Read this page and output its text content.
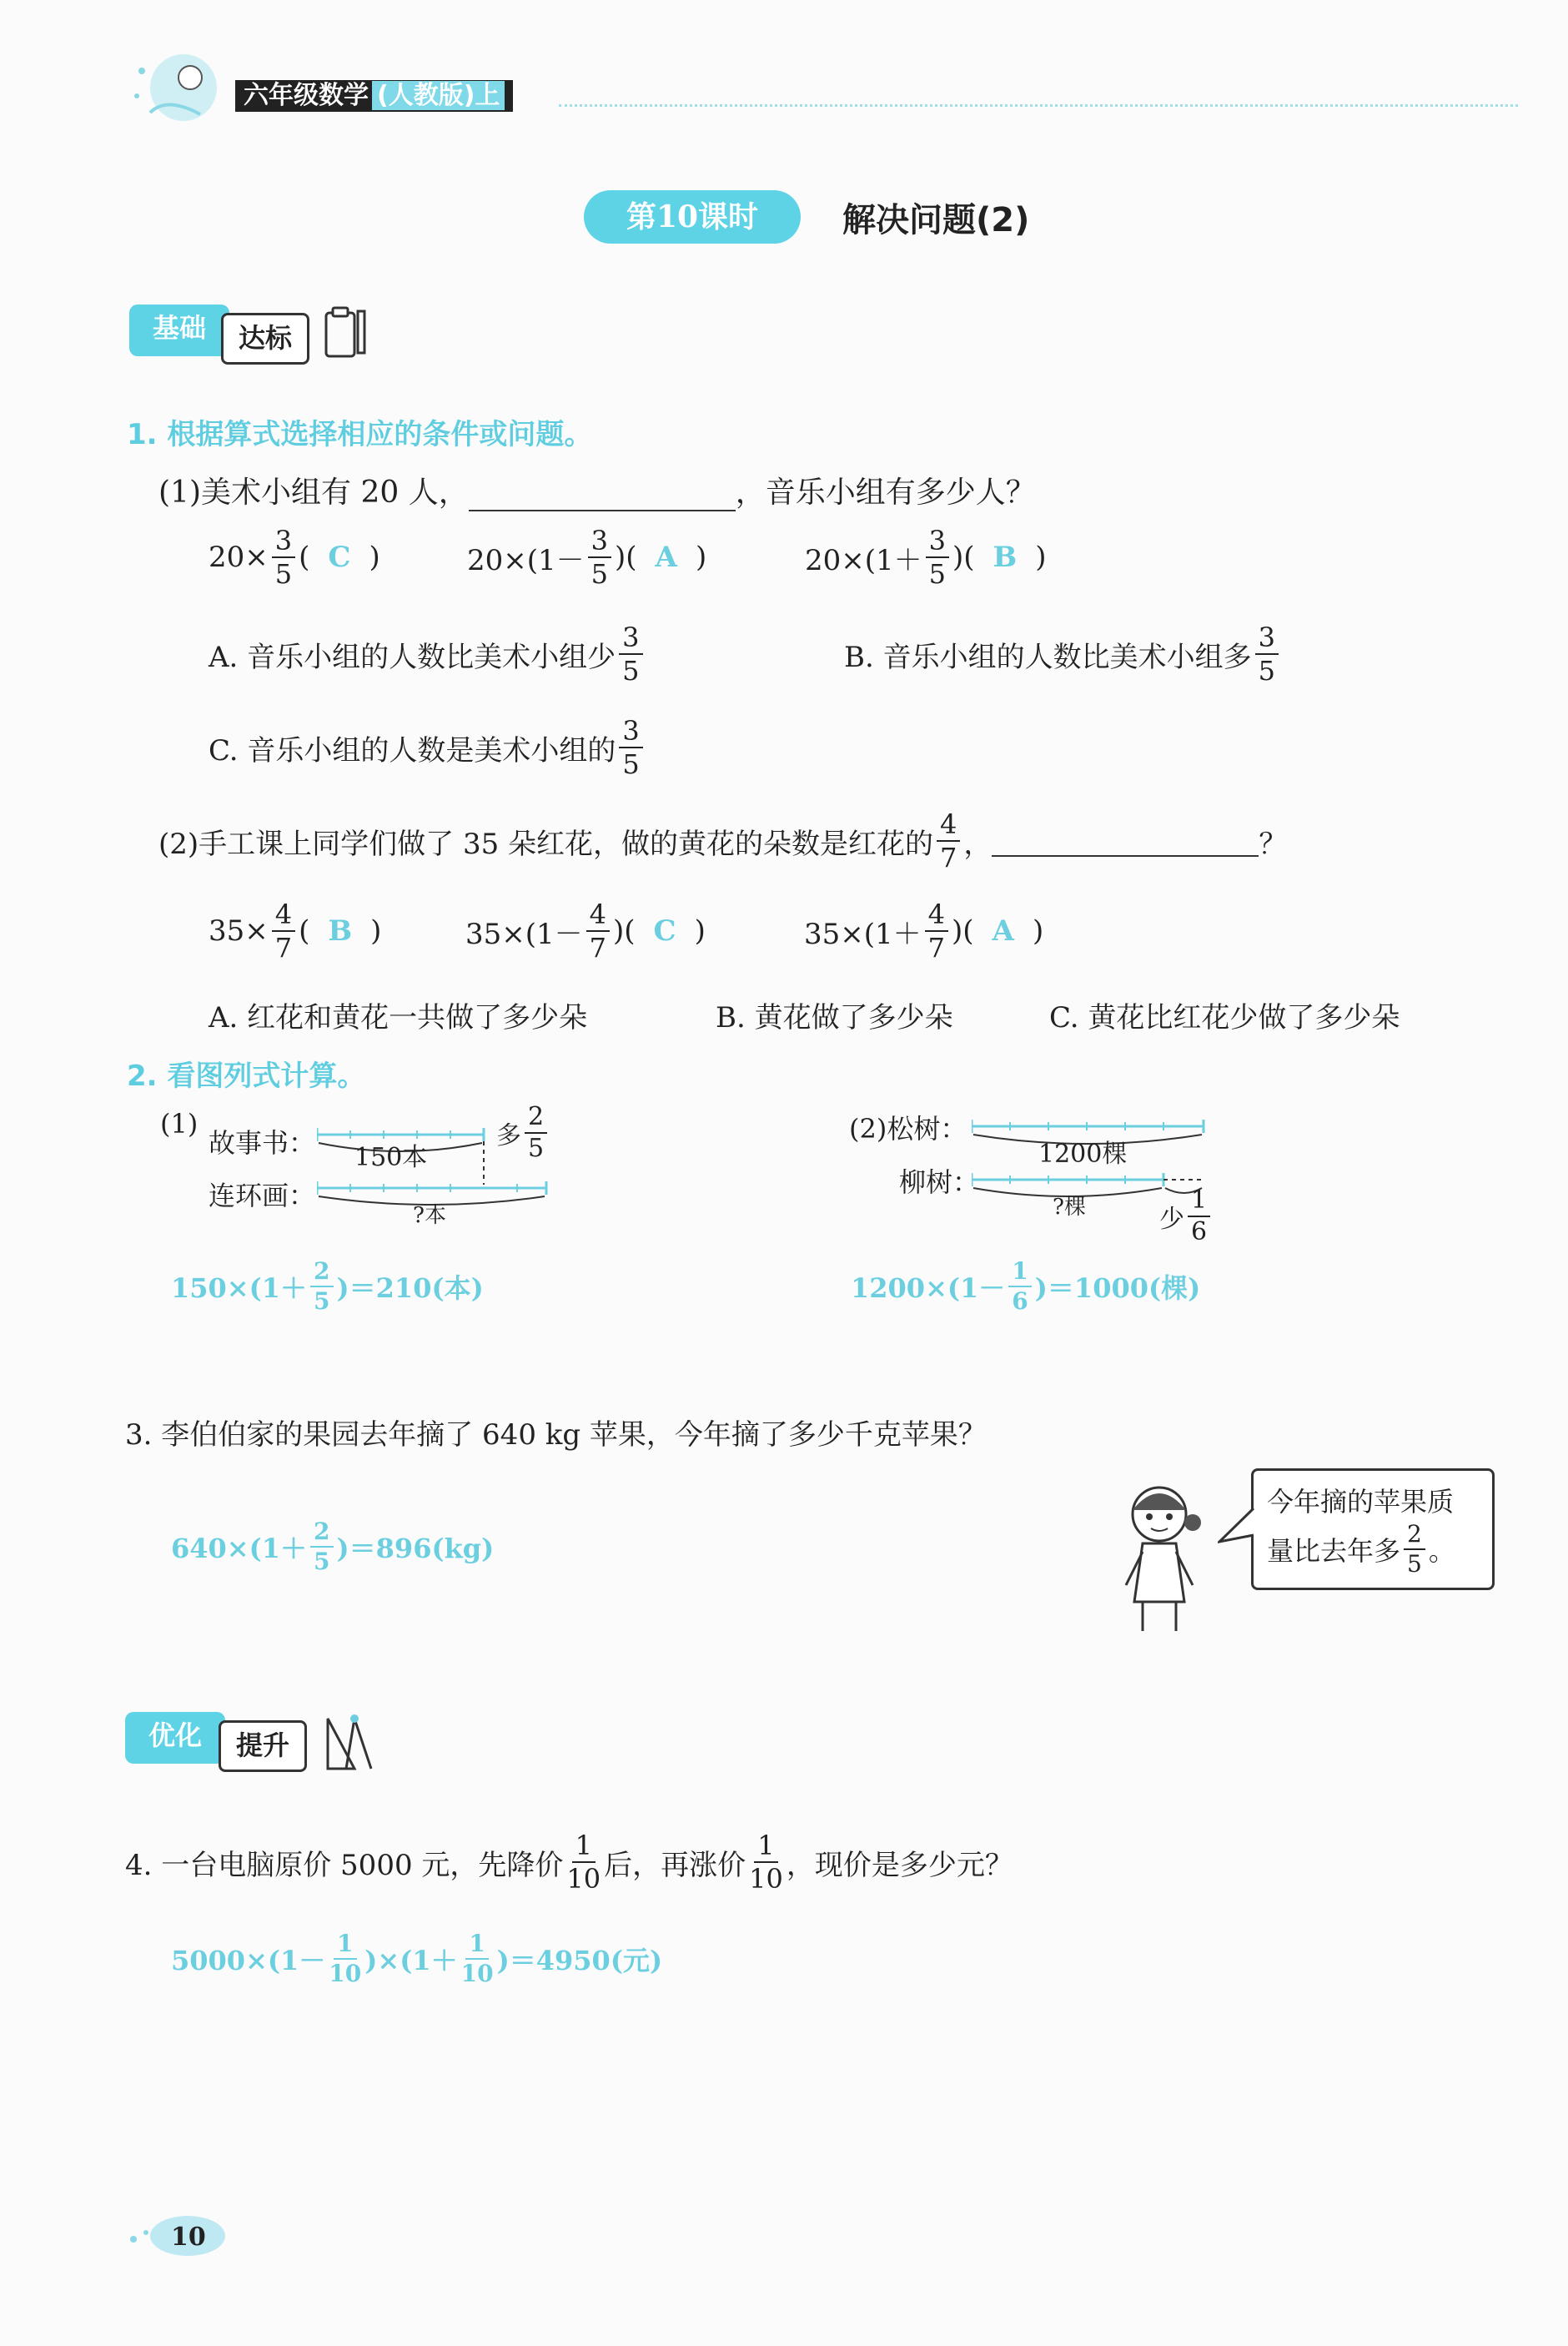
六年级数学 (人教版)上
第10课时	解决问题(2)
基础	达标
1. 根据算式选择相应的条件或问题。
(1)美术小组有 20 人，	，音乐小组有多少人？
$20\times \frac{3}{5}$ ( C )	$20\times(1- \frac{3}{5}$ )( A )	$20\times(1+ \frac{3}{5}$ )( B )
A. 音乐小组的人数比美术小组少 $\frac{3}{5}$	B. 音乐小组的人数比美术小组多 $\frac{3}{5}$
C. 音乐小组的人数是美术小组的 $\frac{3}{5}$
(2)手工课上同学们做了 35 朵红花，做的黄花的朵数是红花的 $\frac{4}{7}$ ，	？
$35\times \frac{4}{7}$ ( B )	$35\times(1- \frac{4}{7}$ )( C )	$35\times(1+ \frac{4}{7}$ )( A )
A. 红花和黄花一共做了多少朵	B. 黄花做了多少朵	C. 黄花比红花少做了多少朵
2. 看图列式计算。
(1)
故事书：
连环画：
150本
多 $\frac{2}{5}$
?本
$150\times(1+ \frac{2}{5} )=210$(本)
(2)松树：
柳树：
1200棵
?棵	少 $\frac{1}{6}$
$1200\times(1- \frac{1}{6} )=1000$(棵)
3. 李伯伯家的果园去年摘了 640 kg 苹果，今年摘了多少千克苹果？
$640\times(1+ \frac{2}{5} )=896(kg)$
今年摘的苹果质
量比去年多 $\frac{2}{5}$ 。
优化	提升
4. 一台电脑原价 5000 元，先降价 $\frac{1}{10}$ 后，再涨价 $\frac{1}{10}$ ，现价是多少元？
$5000\times(1- \frac{1}{10} )\times(1+ \frac{1}{10} )=4950$(元)
10
